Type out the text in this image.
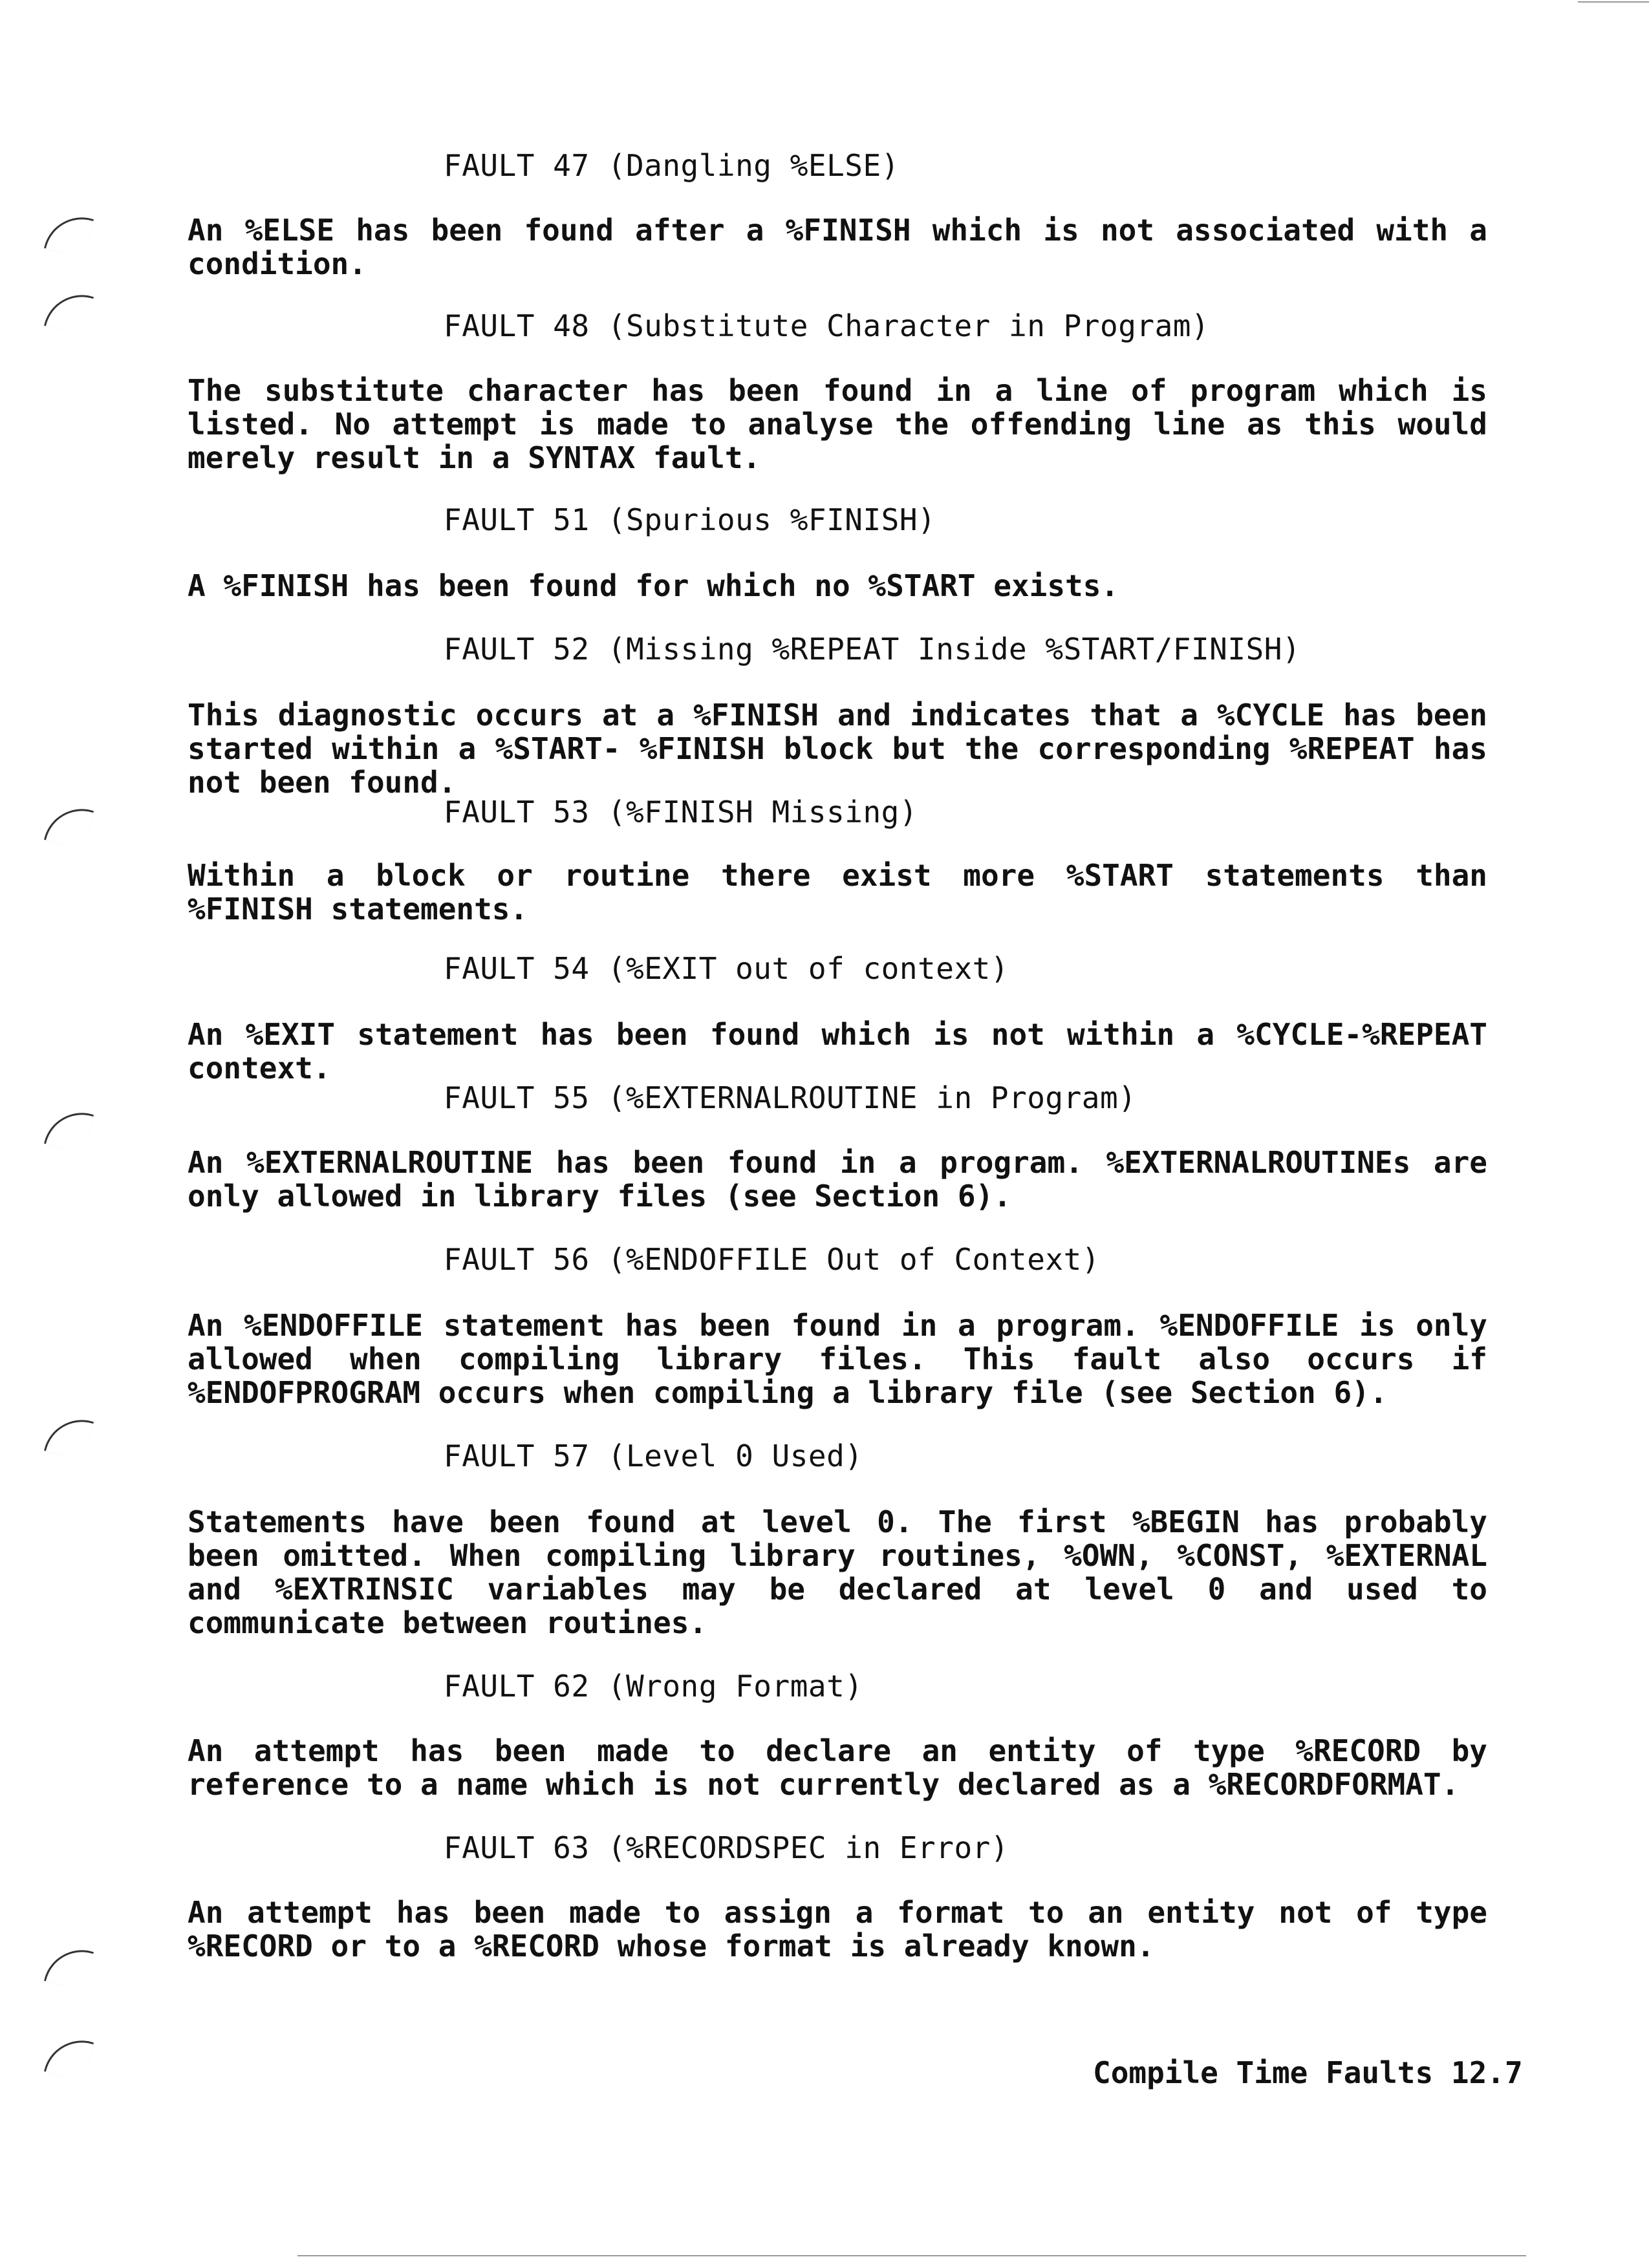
FAULT 47 (Dangling %ELSE)
An %ELSE has been found after a %FINISH which is not associated with a condition.
FAULT 48 (Substitute Character in Program)
The substitute character has been found in a line of program which is listed. No attempt is made to analyse the offending line as this would merely result in a SYNTAX fault.
FAULT 51 (Spurious %FINISH)
A %FINISH has been found for which no %START exists.
FAULT 52 (Missing %REPEAT Inside %START/FINISH)
This diagnostic occurs at a %FINISH and indicates that a %CYCLE has been started within a %START- %FINISH block but the corresponding %REPEAT has not been found.
FAULT 53 (%FINISH Missing)
Within a block or routine there exist more %START statements than %FINISH statements.
FAULT 54 (%EXIT out of context)
An %EXIT statement has been found which is not within a %CYCLE-%REPEAT context.
FAULT 55 (%EXTERNALROUTINE in Program)
An %EXTERNALROUTINE has been found in a program. %EXTERNALROUTINEs are only allowed in library files (see Section 6).
FAULT 56 (%ENDOFFILE Out of Context)
An %ENDOFFILE statement has been found in a program. %ENDOFFILE is only allowed when compiling library files. This fault also occurs if %ENDOFPROGRAM occurs when compiling a library file (see Section 6).
FAULT 57 (Level 0 Used)
Statements have been found at level 0. The first %BEGIN has probably been omitted. When compiling library routines, %OWN, %CONST, %EXTERNAL and %EXTRINSIC variables may be declared at level 0 and used to communicate between routines.
FAULT 62 (Wrong Format)
An attempt has been made to declare an entity of type %RECORD by reference to a name which is not currently declared as a %RECORDFORMAT.
FAULT 63 (%RECORDSPEC in Error)
An attempt has been made to assign a format to an entity not of type %RECORD or to a %RECORD whose format is already known.
Compile Time Faults 12.7
